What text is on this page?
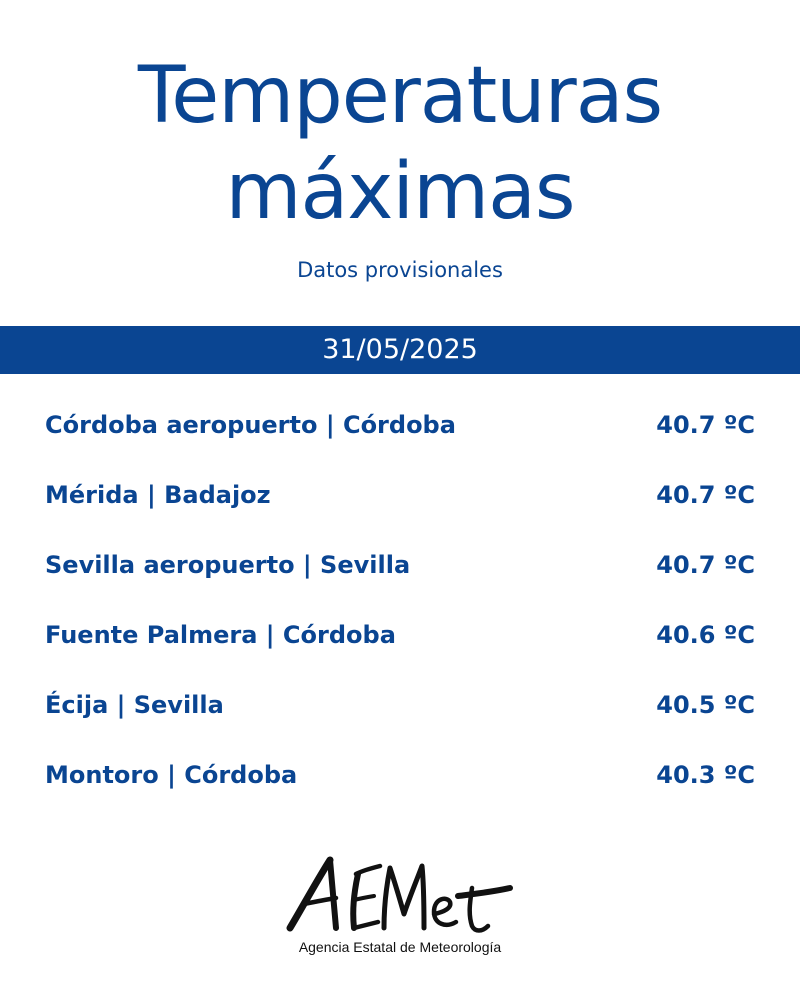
Temperaturas
máximas
Datos provisionales
31/05/2025
Córdoba aeropuerto | Córdoba	40.7 ºC
Mérida | Badajoz	40.7 ºC
Sevilla aeropuerto | Sevilla	40.7 ºC
Fuente Palmera | Córdoba	40.6 ºC
Écija | Sevilla	40.5 ºC
Montoro | Córdoba	40.3 ºC
Agencia Estatal de Meteorología
